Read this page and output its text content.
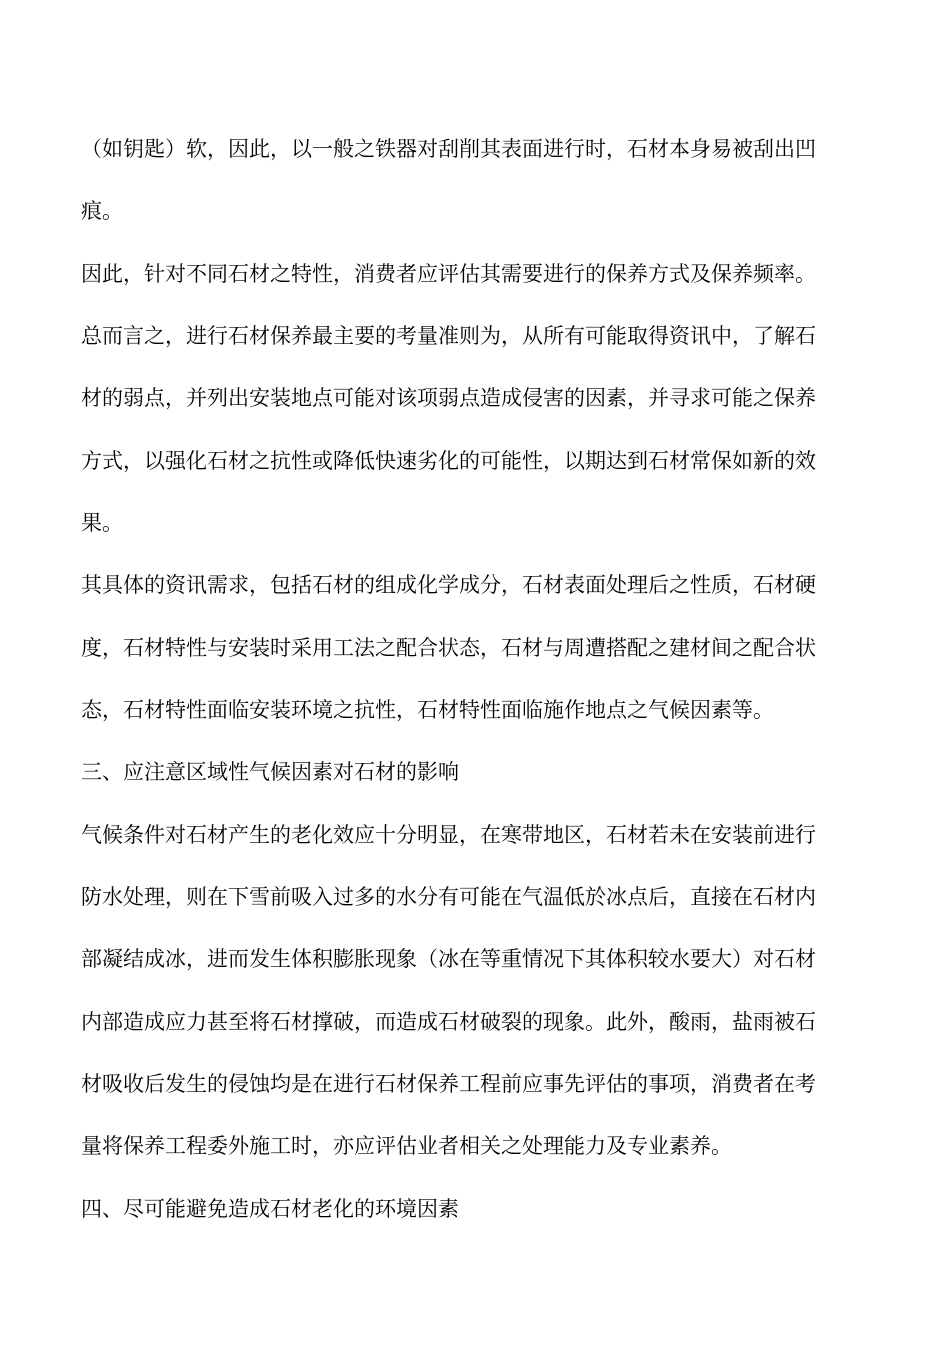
（如钥匙）软，因此，以一般之铁器对刮削其表面进行时，石材本身易被刮出凹
痕。
因此，针对不同石材之特性，消费者应评估其需要进行的保养方式及保养频率。
总而言之，进行石材保养最主要的考量准则为，从所有可能取得资讯中，了解石
材的弱点，并列出安装地点可能对该项弱点造成侵害的因素，并寻求可能之保养
方式，以强化石材之抗性或降低快速劣化的可能性，以期达到石材常保如新的效
果。
其具体的资讯需求，包括石材的组成化学成分，石材表面处理后之性质，石材硬
度，石材特性与安装时采用工法之配合状态，石材与周遭搭配之建材间之配合状
态，石材特性面临安装环境之抗性，石材特性面临施作地点之气候因素等。
三、应注意区域性气候因素对石材的影响
气候条件对石材产生的老化效应十分明显，在寒带地区，石材若未在安装前进行
防水处理，则在下雪前吸入过多的水分有可能在气温低於冰点后，直接在石材内
部凝结成冰，进而发生体积膨胀现象（冰在等重情况下其体积较水要大）对石材
内部造成应力甚至将石材撑破，而造成石材破裂的现象。此外，酸雨，盐雨被石
材吸收后发生的侵蚀均是在进行石材保养工程前应事先评估的事项，消费者在考
量将保养工程委外施工时，亦应评估业者相关之处理能力及专业素养。
四、尽可能避免造成石材老化的环境因素
